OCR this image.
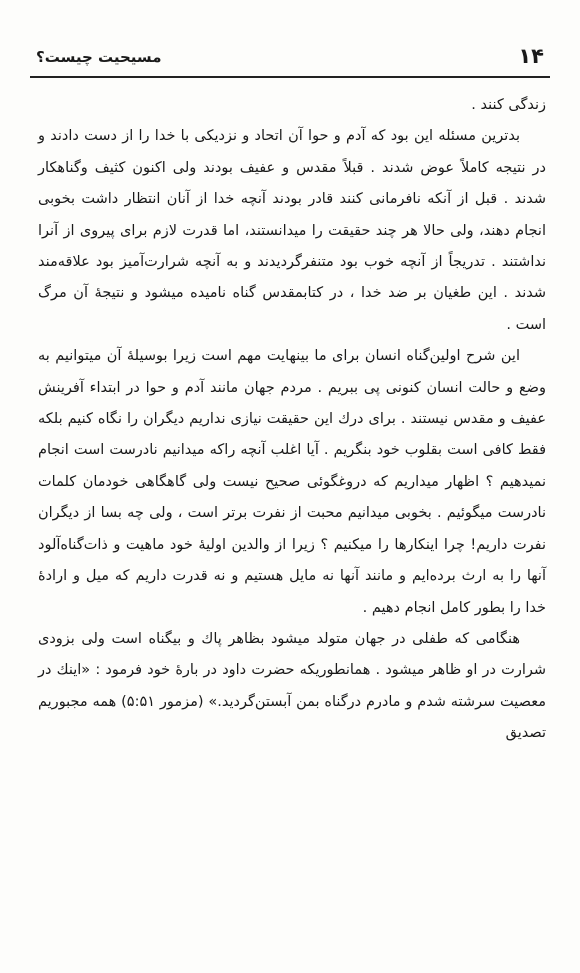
۱۴
مسیحیت چیست؟

زندگی کنند .

بدترین مسئله این بود که آدم و حوا آن اتحاد و نزدیکی با خدا را از دست دادند و در نتیجه کاملاً عوض شدند . قبلاً مقدس و عفیف بودند ولی اکنون کثیف وگناهکار شدند . قبل از آنکه نافرمانی کنند قادر بودند آنچه خدا از آنان انتظار داشت بخوبی انجام دهند، ولی حالا هر چند حقیقت را میدانستند، اما قدرت لازم برای پیروی از آنرا نداشتند . تدریجاً از آنچه خوب بود متنفرگردیدند و به آنچه شرارت‌آمیز بود علاقه‌مند شدند . این طغیان بر ضد خدا ، در کتابمقدس گناه نامیده میشود و نتیجهٔ آن مرگ است .

این شرح اولین‌گناه انسان برای ما بینهایت مهم است زیرا بوسیلهٔ آن میتوانیم به وضع و حالت انسان کنونی پی ببریم . مردم جهان مانند آدم و حوا در ابتداء آفرینش عفیف و مقدس نیستند . برای درك این حقیقت نیازی نداریم دیگران را نگاه کنیم بلکه فقط کافی است بقلوب خود بنگریم . آیا اغلب آنچه راکه میدانیم نادرست است انجام نمیدهیم ؟ اظهار میداریم که دروغگوئی صحیح نیست ولی گاهگاهی خودمان کلمات نادرست میگوئیم . بخوبی میدانیم محبت از نفرت برتر است ، ولی چه بسا از دیگران نفرت داریم! چرا اینکارها را میکنیم ؟ زیرا از والدین اولیهٔ خود ماهیت و ذات‌گناه‌آلود آنها را به ارث برده‌ایم و مانند آنها نه مایل هستیم و نه قدرت داریم که میل و ارادهٔ خدا را بطور کامل انجام دهیم .

هنگامی که طفلی در جهان متولد میشود بظاهر پاك و بیگناه است ولی بزودی شرارت در او ظاهر میشود . همانطوریکه حضرت داود در بارهٔ خود فرمود : «اینك در معصیت سرشته شدم و مادرم درگناه بمن آبستن‌گردید.» (مزمور ۵:۵۱) همه مجبوریم تصدیق
